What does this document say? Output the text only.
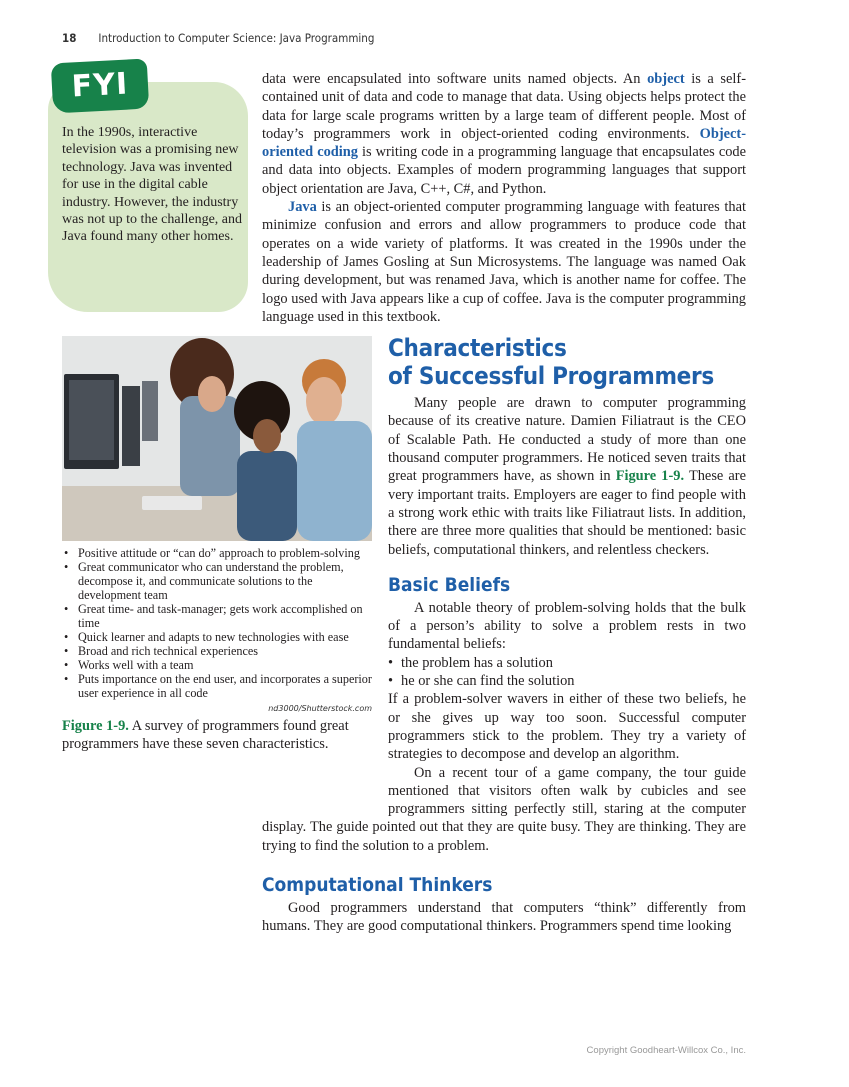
18 Introduction to Computer Science: Java Programming
FYI
In the 1990s, interactive television was a promising new technology. Java was invented for use in the digital cable industry. However, the industry was not up to the challenge, and Java found many other homes.

data were encapsulated into software units named objects. An object is a self-contained unit of data and code to manage that data. Using objects helps protect the data for large scale programs written by a large team of different people. Most of today’s programmers work in object-oriented coding environments. Object-oriented coding is writing code in a programming language that encapsulates code and data into objects. Examples of modern programming languages that support object orientation are Java, C++, C#, and Python.

Java is an object-oriented computer programming language with features that minimize confusion and errors and allow programmers to produce code that operates on a wide variety of platforms. It was created in the 1990s under the leadership of James Gosling at Sun Microsystems. The language was named Oak during development, but was renamed Java, which is another name for coffee. The logo used with Java appears like a cup of coffee. Java is the computer programming language used in this textbook.

Characteristics
of Successful Programmers

Many people are drawn to computer programming because of its creative nature. Damien Filiatraut is the CEO of Scalable Path. He conducted a study of more than one thousand computer programmers. He noticed seven traits that great programmers have, as shown in Figure 1-9. These are very important traits. Employers are eager to find people with a strong work ethic with traits like Filiatraut lists. In addition, there are three more qualities that should be mentioned: basic beliefs, computational thinkers, and relentless checkers.

Basic Beliefs

A notable theory of problem-solving holds that the bulk of a person’s ability to solve a problem rests in two fundamental beliefs:

• the problem has a solution
• he or she can find the solution

If a problem-solver wavers in either of these two beliefs, he or she gives up way too soon. Successful computer programmers stick to the problem. They try a variety of strategies to decompose and develop an algorithm.

On a recent tour of a game company, the tour guide mentioned that visitors often walk by cubicles and see programmers sitting perfectly still, staring at the computer display. The guide pointed out that they are quite busy. They are thinking. They are trying to find the solution to a problem.

Computational Thinkers

Good programmers understand that computers “think” differently from humans. They are good computational thinkers. Programmers spend time looking

• Positive attitude or “can do” approach to problem-solving
• Great communicator who can understand the problem, decompose it, and communicate solutions to the development team
• Great time- and task-manager; gets work accomplished on time
• Quick learner and adapts to new technologies with ease
• Broad and rich technical experiences
• Works well with a team
• Puts importance on the end user, and incorporates a superior user experience in all code
nd3000/Shutterstock.com
Figure 1-9. A survey of programmers found great programmers have these seven characteristics.
Copyright Goodheart-Willcox Co., Inc.
